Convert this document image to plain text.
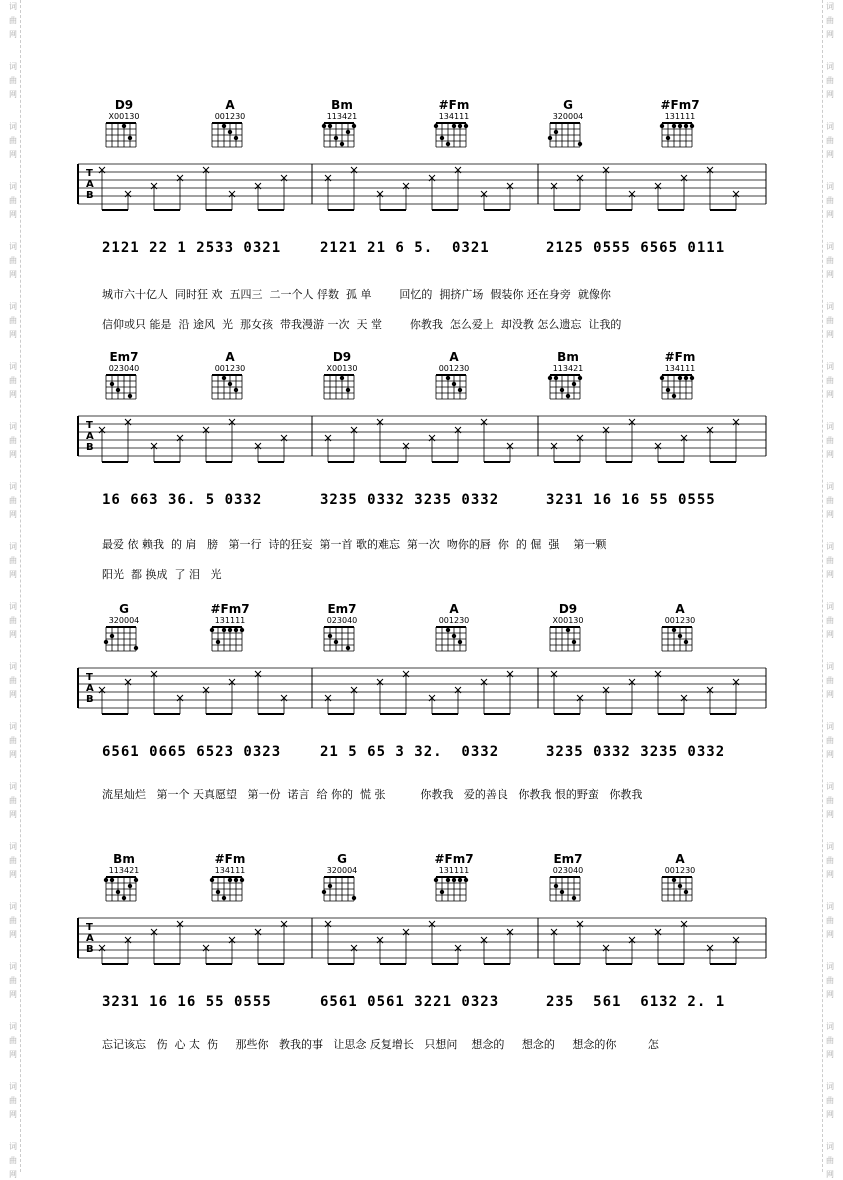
词
曲
网
词
曲
网
词
曲
网
词
曲
网
词
曲
网
词
曲
网
词
曲
网
词
曲
网
词
曲
网
词
曲
网
词
曲
网
词
曲
网
词
曲
网
词
曲
网
词
曲
网
词
曲
网
词
曲
网
词
曲
网
词
曲
网
词
曲
网
词
曲
网
词
曲
网
词
曲
网
词
曲
网
词
曲
网
词
曲
网
词
曲
网
词
曲
网
词
曲
网
词
曲
网
词
曲
网
词
曲
网
词
曲
网
词
曲
网
词
曲
网
词
曲
网
词
曲
网
词
曲
网
词
曲
网
词
曲
网
D9
X00130
A
001230
Bm
113421
#Fm
134111
G
320004
#Fm7
131111
T
A
B
2121 22 1 2533 0321	2121 21 6 5.  0321	2125 0555 6565 0111
城市六十亿人  同时狂 欢  五四三  二一个人 俘数  孤 单        回忆的  拥挤广场  假装你 还在身旁  就像你
信仰或只 能是  沿 途风  光  那女孩  带我漫游 一次  天 堂        你教我  怎么爱上  却没教 怎么遗忘  让我的
Em7
023040
A
001230
D9
X00130
A
001230
Bm
113421
#Fm
134111
T
A
B
16 663 36. 5 0332	3235 0332 3235 0332	3231 16 16 55 0555
最爱 依 赖我  的 肩   膀   第一行  诗的狂妄  第一首 歌的难忘  第一次  吻你的唇  你  的 倔  强    第一颗
阳光  都 换成  了 泪   光
G
320004
#Fm7
131111
Em7
023040
A
001230
D9
X00130
A
001230
T
A
B
6561 0665 6523 0323	21 5 65 3 32.  0332	3235 0332 3235 0332
流星灿烂   第一个 天真愿望   第一份  诺言  给 你的  慌 张          你教我   爱的善良   你教我 恨的野蛮   你教我
Bm
113421
#Fm
134111
G
320004
#Fm7
131111
Em7
023040
A
001230
T
A
B
3231 16 16 55 0555	6561 0561 3221 0323	235  561  6132 2. 1
忘记该忘   伤  心 太  伤     那些你   教我的事   让思念 反复增长   只想问    想念的     想念的     想念的你         怎
